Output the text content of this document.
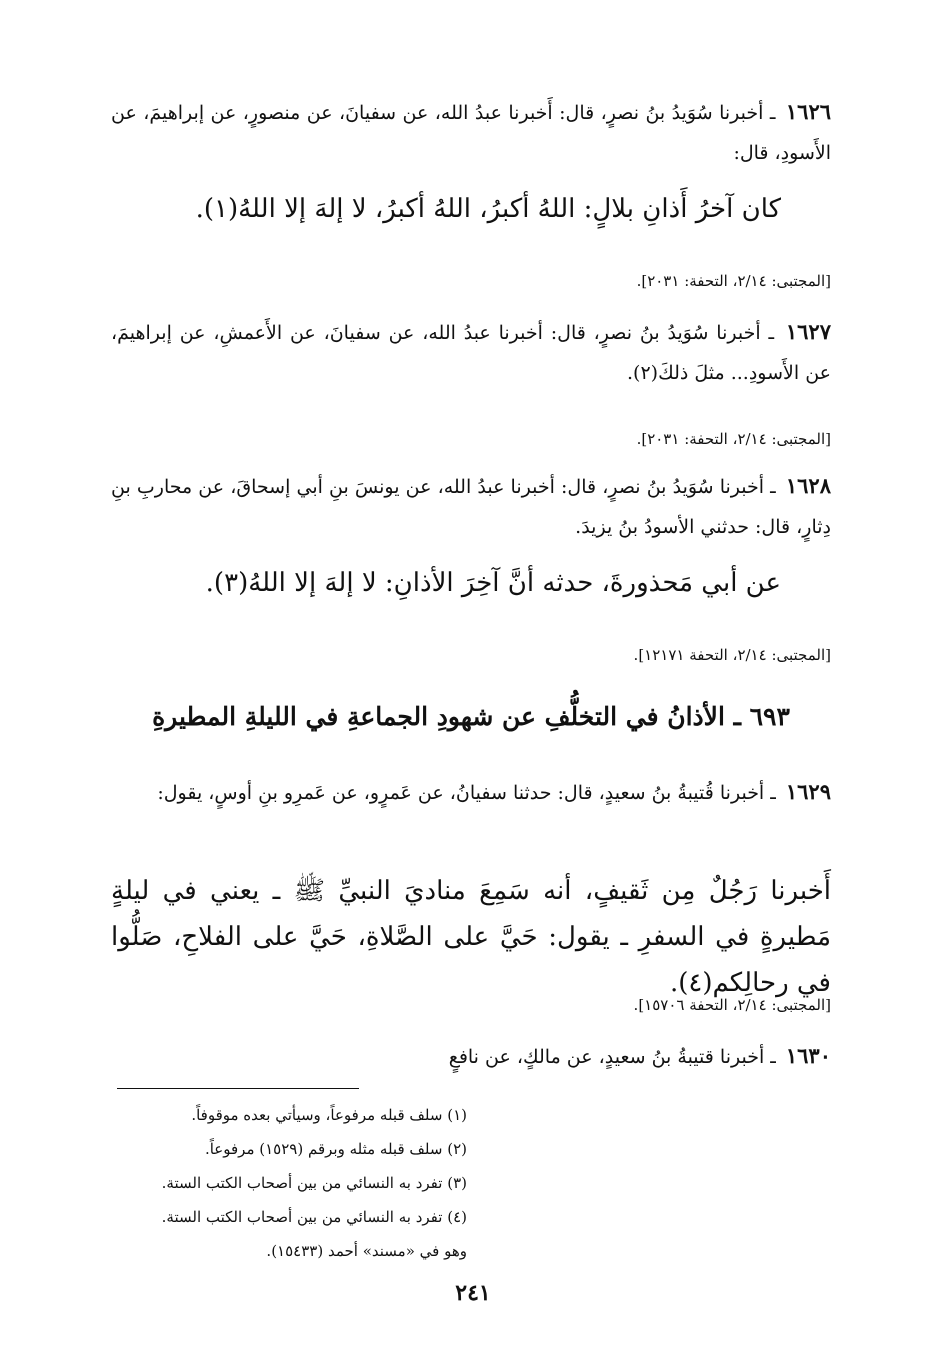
١٦٢٦ ـ أخبرنا سُوَيدُ بنُ نصرٍ، قال: أَخبرنا عبدُ الله، عن سفيانَ، عن منصورٍ، عن إبراهيمَ، عن الأَسودِ، قال:

كان آخرُ أَذانِ بلالٍ: اللهُ أكبرُ، اللهُ أكبرُ، لا إلهَ إلا اللهُ(١).

[المجتبى: ٢/١٤، التحفة: ٢٠٣١].

١٦٢٧ ـ أخبرنا سُوَيدُ بنُ نصرٍ، قال: أخبرنا عبدُ الله، عن سفيانَ، عن الأَعمشِ، عن إبراهيمَ، عن الأَسودِ... مثلَ ذلكَ(٢).

[المجتبى: ٢/١٤، التحفة: ٢٠٣١].

١٦٢٨ ـ أخبرنا سُوَيدُ بنُ نصرٍ، قال: أخبرنا عبدُ الله، عن يونسَ بنِ أبي إسحاقَ، عن محاربِ بنِ دِثارٍ، قال: حدثني الأسودُ بنُ يزيدَ.

عن أبي مَحذورةَ، حدثه أنَّ آخِرَ الأذانِ: لا إلهَ إلا اللهُ(٣).

[المجتبى: ٢/١٤، التحفة ١٢١٧١].

٦٩٣ ـ الأذانُ في التخلُّفِ عن شهودِ الجماعةِ في الليلةِ المطيرةِ

١٦٢٩ ـ أخبرنا قُتيبةُ بنُ سعيدٍ، قال: حدثنا سفيانُ، عن عَمرٍو، عن عَمرِو بنِ أوسٍ، يقول:

أَخبرنا رَجُلٌ مِن ثَقيفٍ، أنه سَمِعَ مناديَ النبيِّ ﷺ ـ يعني في ليلةٍ مَطيرةٍ في السفرِ ـ يقول: حَيَّ على الصَّلاةِ، حَيَّ على الفلاحِ، صَلُّوا في رحالِكم(٤).

[المجتبى: ٢/١٤، التحفة ١٥٧٠٦].

١٦٣٠ ـ أخبرنا قتيبةُ بنُ سعيدٍ، عن مالكٍ، عن نافعٍ

(١) سلف قبله مرفوعاً، وسيأتي بعده موقوفاً.
(٢) سلف قبله مثله وبرقم (١٥٢٩) مرفوعاً.
(٣) تفرد به النسائي من بين أصحاب الكتب الستة.
(٤) تفرد به النسائي من بين أصحاب الكتب الستة.
وهو في «مسند» أحمد (١٥٤٣٣).
٢٤١
